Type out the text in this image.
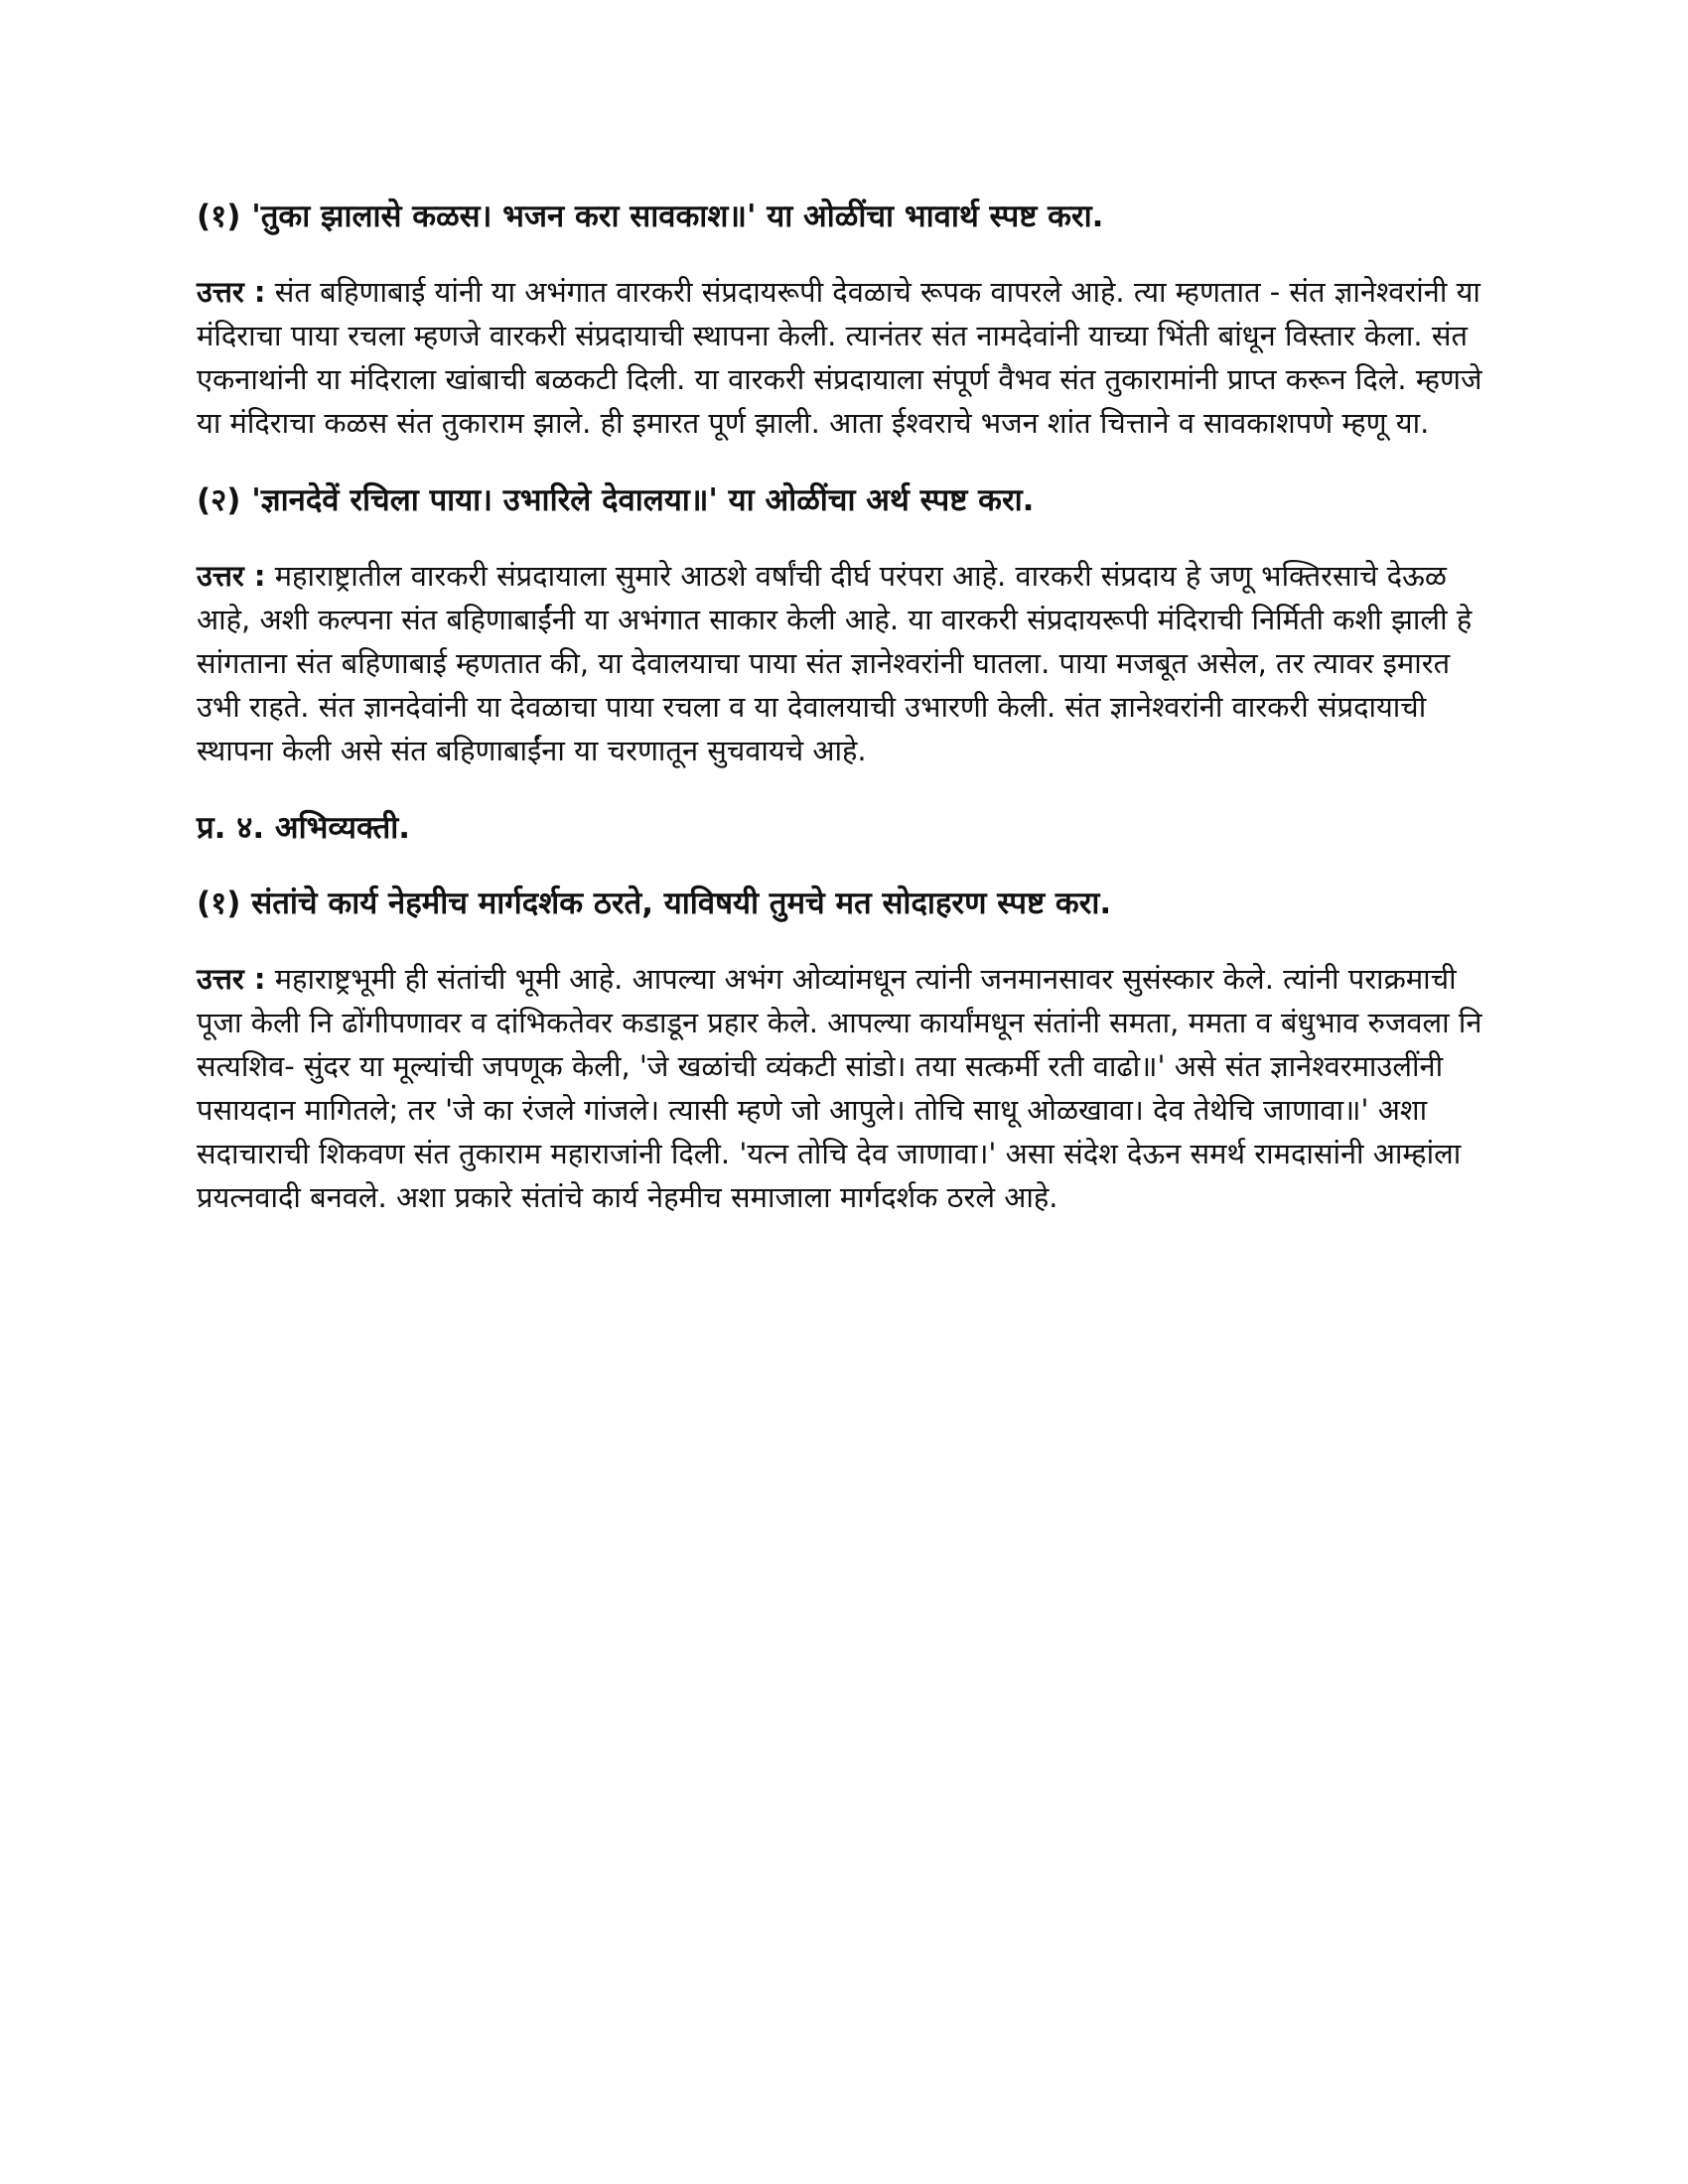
(१) 'तुका झालासे कळस। भजन करा सावकाश॥' या ओळींचा भावार्थ स्पष्ट करा.

उत्तर : संत बहिणाबाई यांनी या अभंगात वारकरी संप्रदायरूपी देवळाचे रूपक वापरले आहे. त्या म्हणतात - संत ज्ञानेश्वरांनी या मंदिराचा पाया रचला म्हणजे वारकरी संप्रदायाची स्थापना केली. त्यानंतर संत नामदेवांनी याच्या भिंती बांधून विस्तार केला. संत एकनाथांनी या मंदिराला खांबाची बळकटी दिली. या वारकरी संप्रदायाला संपूर्ण वैभव संत तुकारामांनी प्राप्त करून दिले. म्हणजे या मंदिराचा कळस संत तुकाराम झाले. ही इमारत पूर्ण झाली. आता ईश्वराचे भजन शांत चित्ताने व सावकाशपणे म्हणू या.

(२) 'ज्ञानदेवें रचिला पाया। उभारिले देवालया॥' या ओळींचा अर्थ स्पष्ट करा.

उत्तर : महाराष्ट्रातील वारकरी संप्रदायाला सुमारे आठशे वर्षांची दीर्घ परंपरा आहे. वारकरी संप्रदाय हे जणू भक्तिरसाचे देऊळ आहे, अशी कल्पना संत बहिणाबाईंनी या अभंगात साकार केली आहे. या वारकरी संप्रदायरूपी मंदिराची निर्मिती कशी झाली हे सांगताना संत बहिणाबाई म्हणतात की, या देवालयाचा पाया संत ज्ञानेश्वरांनी घातला. पाया मजबूत असेल, तर त्यावर इमारत उभी राहते. संत ज्ञानदेवांनी या देवळाचा पाया रचला व या देवालयाची उभारणी केली. संत ज्ञानेश्वरांनी वारकरी संप्रदायाची स्थापना केली असे संत बहिणाबाईंना या चरणातून सुचवायचे आहे.

प्र. ४. अभिव्यक्ती.

(१) संतांचे कार्य नेहमीच मार्गदर्शक ठरते, याविषयी तुमचे मत सोदाहरण स्पष्ट करा.

उत्तर : महाराष्ट्रभूमी ही संतांची भूमी आहे. आपल्या अभंग ओव्यांमधून त्यांनी जनमानसावर सुसंस्कार केले. त्यांनी पराक्रमाची पूजा केली नि ढोंगीपणावर व दांभिकतेवर कडाडून प्रहार केले. आपल्या कार्यांमधून संतांनी समता, ममता व बंधुभाव रुजवला नि सत्यशिव- सुंदर या मूल्यांची जपणूक केली, 'जे खळांची व्यंकटी सांडो। तया सत्कर्मी रती वाढो॥' असे संत ज्ञानेश्वरमाउलींनी पसायदान मागितले; तर 'जे का रंजले गांजले। त्यासी म्हणे जो आपुले। तोचि साधू ओळखावा। देव तेथेचि जाणावा॥' अशा सदाचाराची शिकवण संत तुकाराम महाराजांनी दिली. 'यत्न तोचि देव जाणावा।' असा संदेश देऊन समर्थ रामदासांनी आम्हांला प्रयत्नवादी बनवले. अशा प्रकारे संतांचे कार्य नेहमीच समाजाला मार्गदर्शक ठरले आहे.
